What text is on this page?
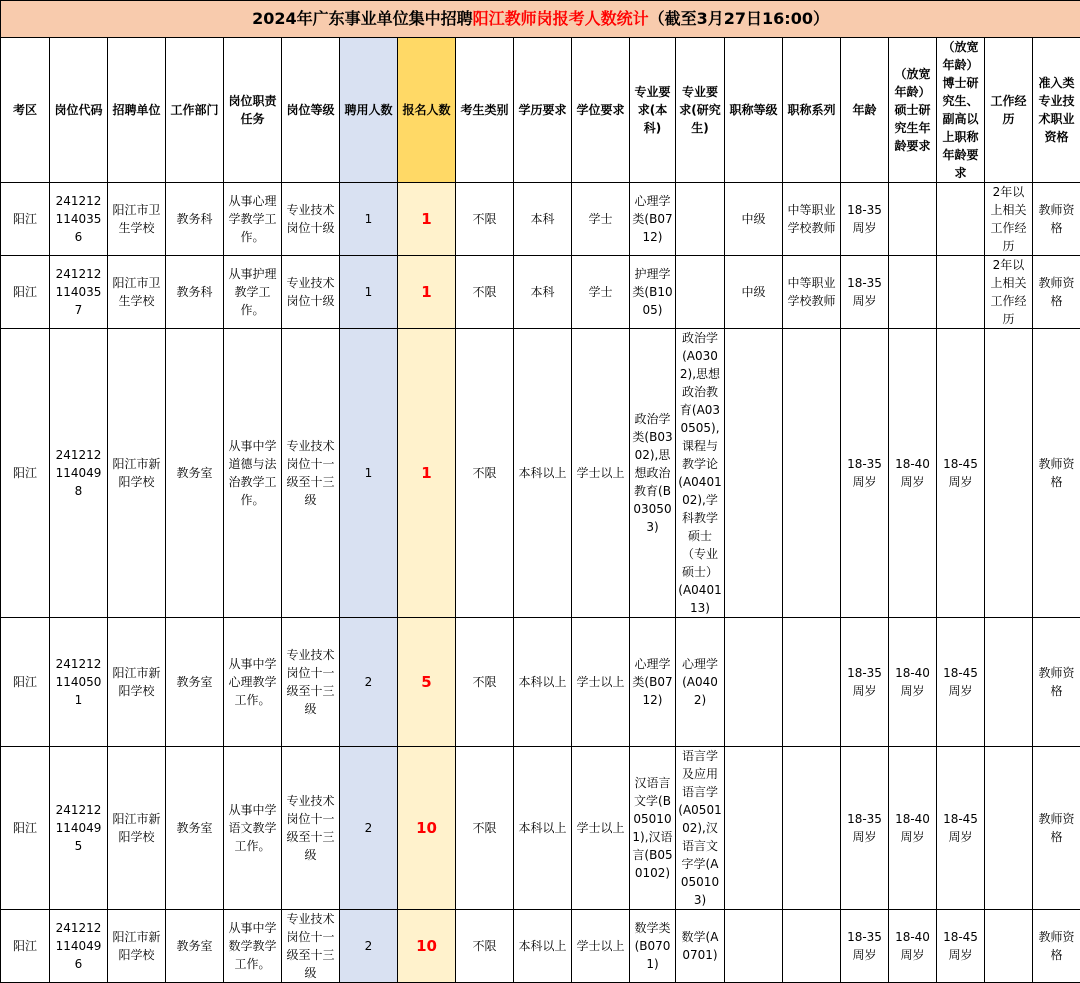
2024年广东事业单位集中招聘阳江教师岗报考人数统计（截至3月27日16:00）																			
考区	岗位代码	招聘单位	工作部门	岗位职责任务	岗位等级	聘用人数	报名人数	考生类别	学历要求	学位要求	专业要求(本科)	专业要求(研究生)	职称等级	职称系列	年龄	（放宽年龄）硕士研究生年龄要求	（放宽年龄）博士研究生、副高以上职称年龄要求	工作经历	准入类专业技术职业资格
阳江	2412121140356	阳江市卫生学校	教务科	从事心理学教学工作。	专业技术岗位十级	1	1	不限	本科	学士	心理学类(B0712)		中级	中等职业学校教师	18-35周岁			2年以上相关工作经历	教师资格
阳江	2412121140357	阳江市卫生学校	教务科	从事护理教学工作。	专业技术岗位十级	1	1	不限	本科	学士	护理学类(B1005)		中级	中等职业学校教师	18-35周岁			2年以上相关工作经历	教师资格
阳江	2412121140498	阳江市新阳学校	教务室	从事中学道德与法治教学工作。	专业技术岗位十一级至十三级	1	1	不限	本科以上	学士以上	政治学类(B0302),思想政治教育(B030503)	政治学(A0302),思想政治教育(A030505),课程与教学论(A040102),学科教学硕士（专业硕士）(A040113)			18-35周岁	18-40周岁	18-45周岁		教师资格
阳江	2412121140501	阳江市新阳学校	教务室	从事中学心理教学工作。	专业技术岗位十一级至十三级	2	5	不限	本科以上	学士以上	心理学类(B0712)	心理学(A0402)			18-35周岁	18-40周岁	18-45周岁		教师资格
阳江	2412121140495	阳江市新阳学校	教务室	从事中学语文教学工作。	专业技术岗位十一级至十三级	2	10	不限	本科以上	学士以上	汉语言文学(B050101),汉语言(B050102)	语言学及应用语言学(A050102),汉语言文字学(A050103)			18-35周岁	18-40周岁	18-45周岁		教师资格
阳江	2412121140496	阳江市新阳学校	教务室	从事中学数学教学工作。	专业技术岗位十一级至十三级	2	10	不限	本科以上	学士以上	数学类(B0701)	数学(A0701)			18-35周岁	18-40周岁	18-45周岁		教师资格
